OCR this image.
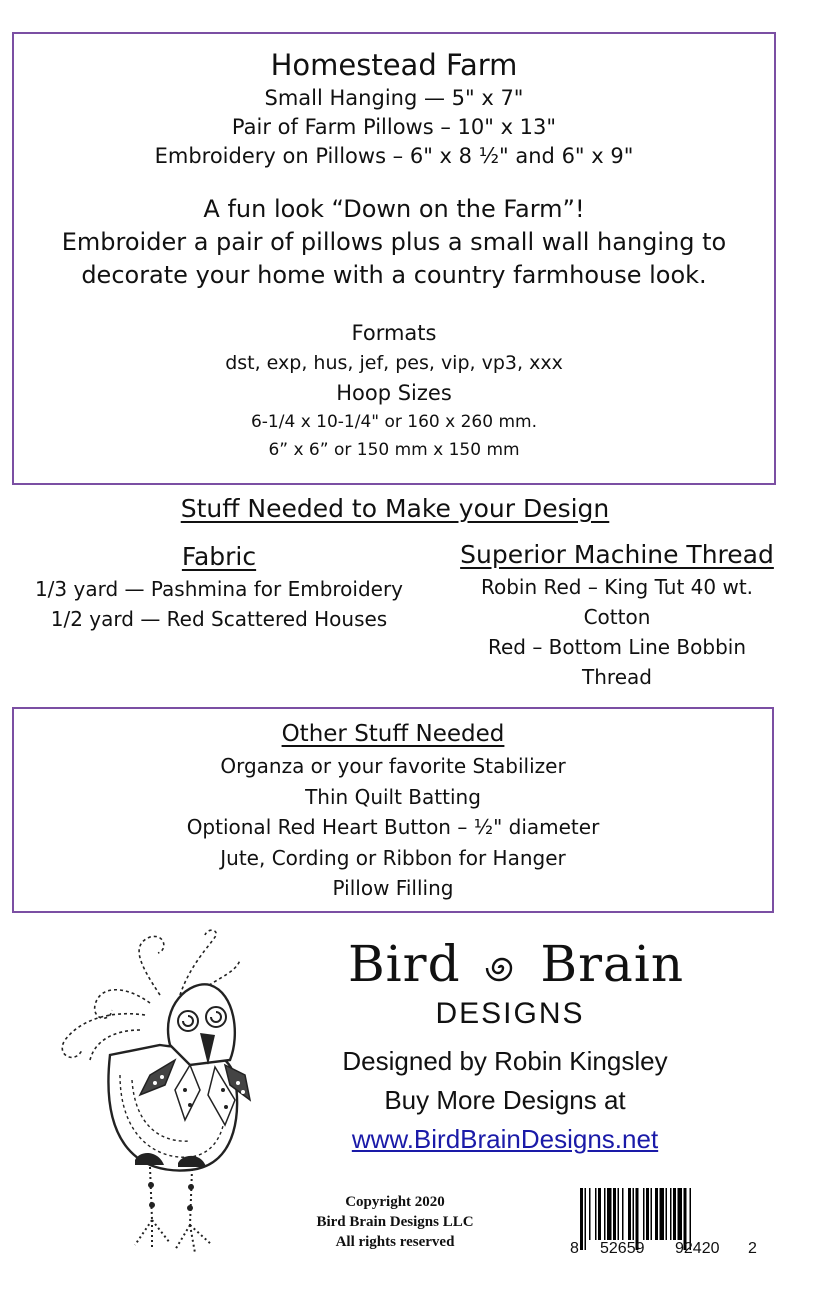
Homestead Farm
Small Hanging — 5" x 7"
Pair of Farm Pillows – 10" x 13"
Embroidery on Pillows – 6" x 8 ½" and 6" x 9"
A fun look “Down on the Farm”!
Embroider a pair of pillows plus a small wall hanging to
decorate your home with a country farmhouse look.
Formats
dst, exp, hus, jef, pes, vip, vp3, xxx
Hoop Sizes
6-1/4 x 10-1/4" or 160 x 260 mm.
6” x 6” or 150 mm x 150 mm
Stuff Needed to Make your Design
Fabric
1/3 yard — Pashmina for Embroidery
1/2 yard — Red Scattered Houses
Superior Machine Thread
Robin Red – King Tut 40 wt.
Cotton
Red – Bottom Line Bobbin
Thread
Other Stuff Needed
Organza or your favorite Stabilizer
Thin Quilt Batting
Optional Red Heart Button – ½" diameter
Jute, Cording or Ribbon for Hanger
Pillow Filling
Bird Brain
DESIGNS
Designed by Robin Kingsley
Buy More Designs at
www.BirdBrainDesigns.net
Copyright 2020
Bird Brain Designs LLC
All rights reserved	8 52659 92420 2
